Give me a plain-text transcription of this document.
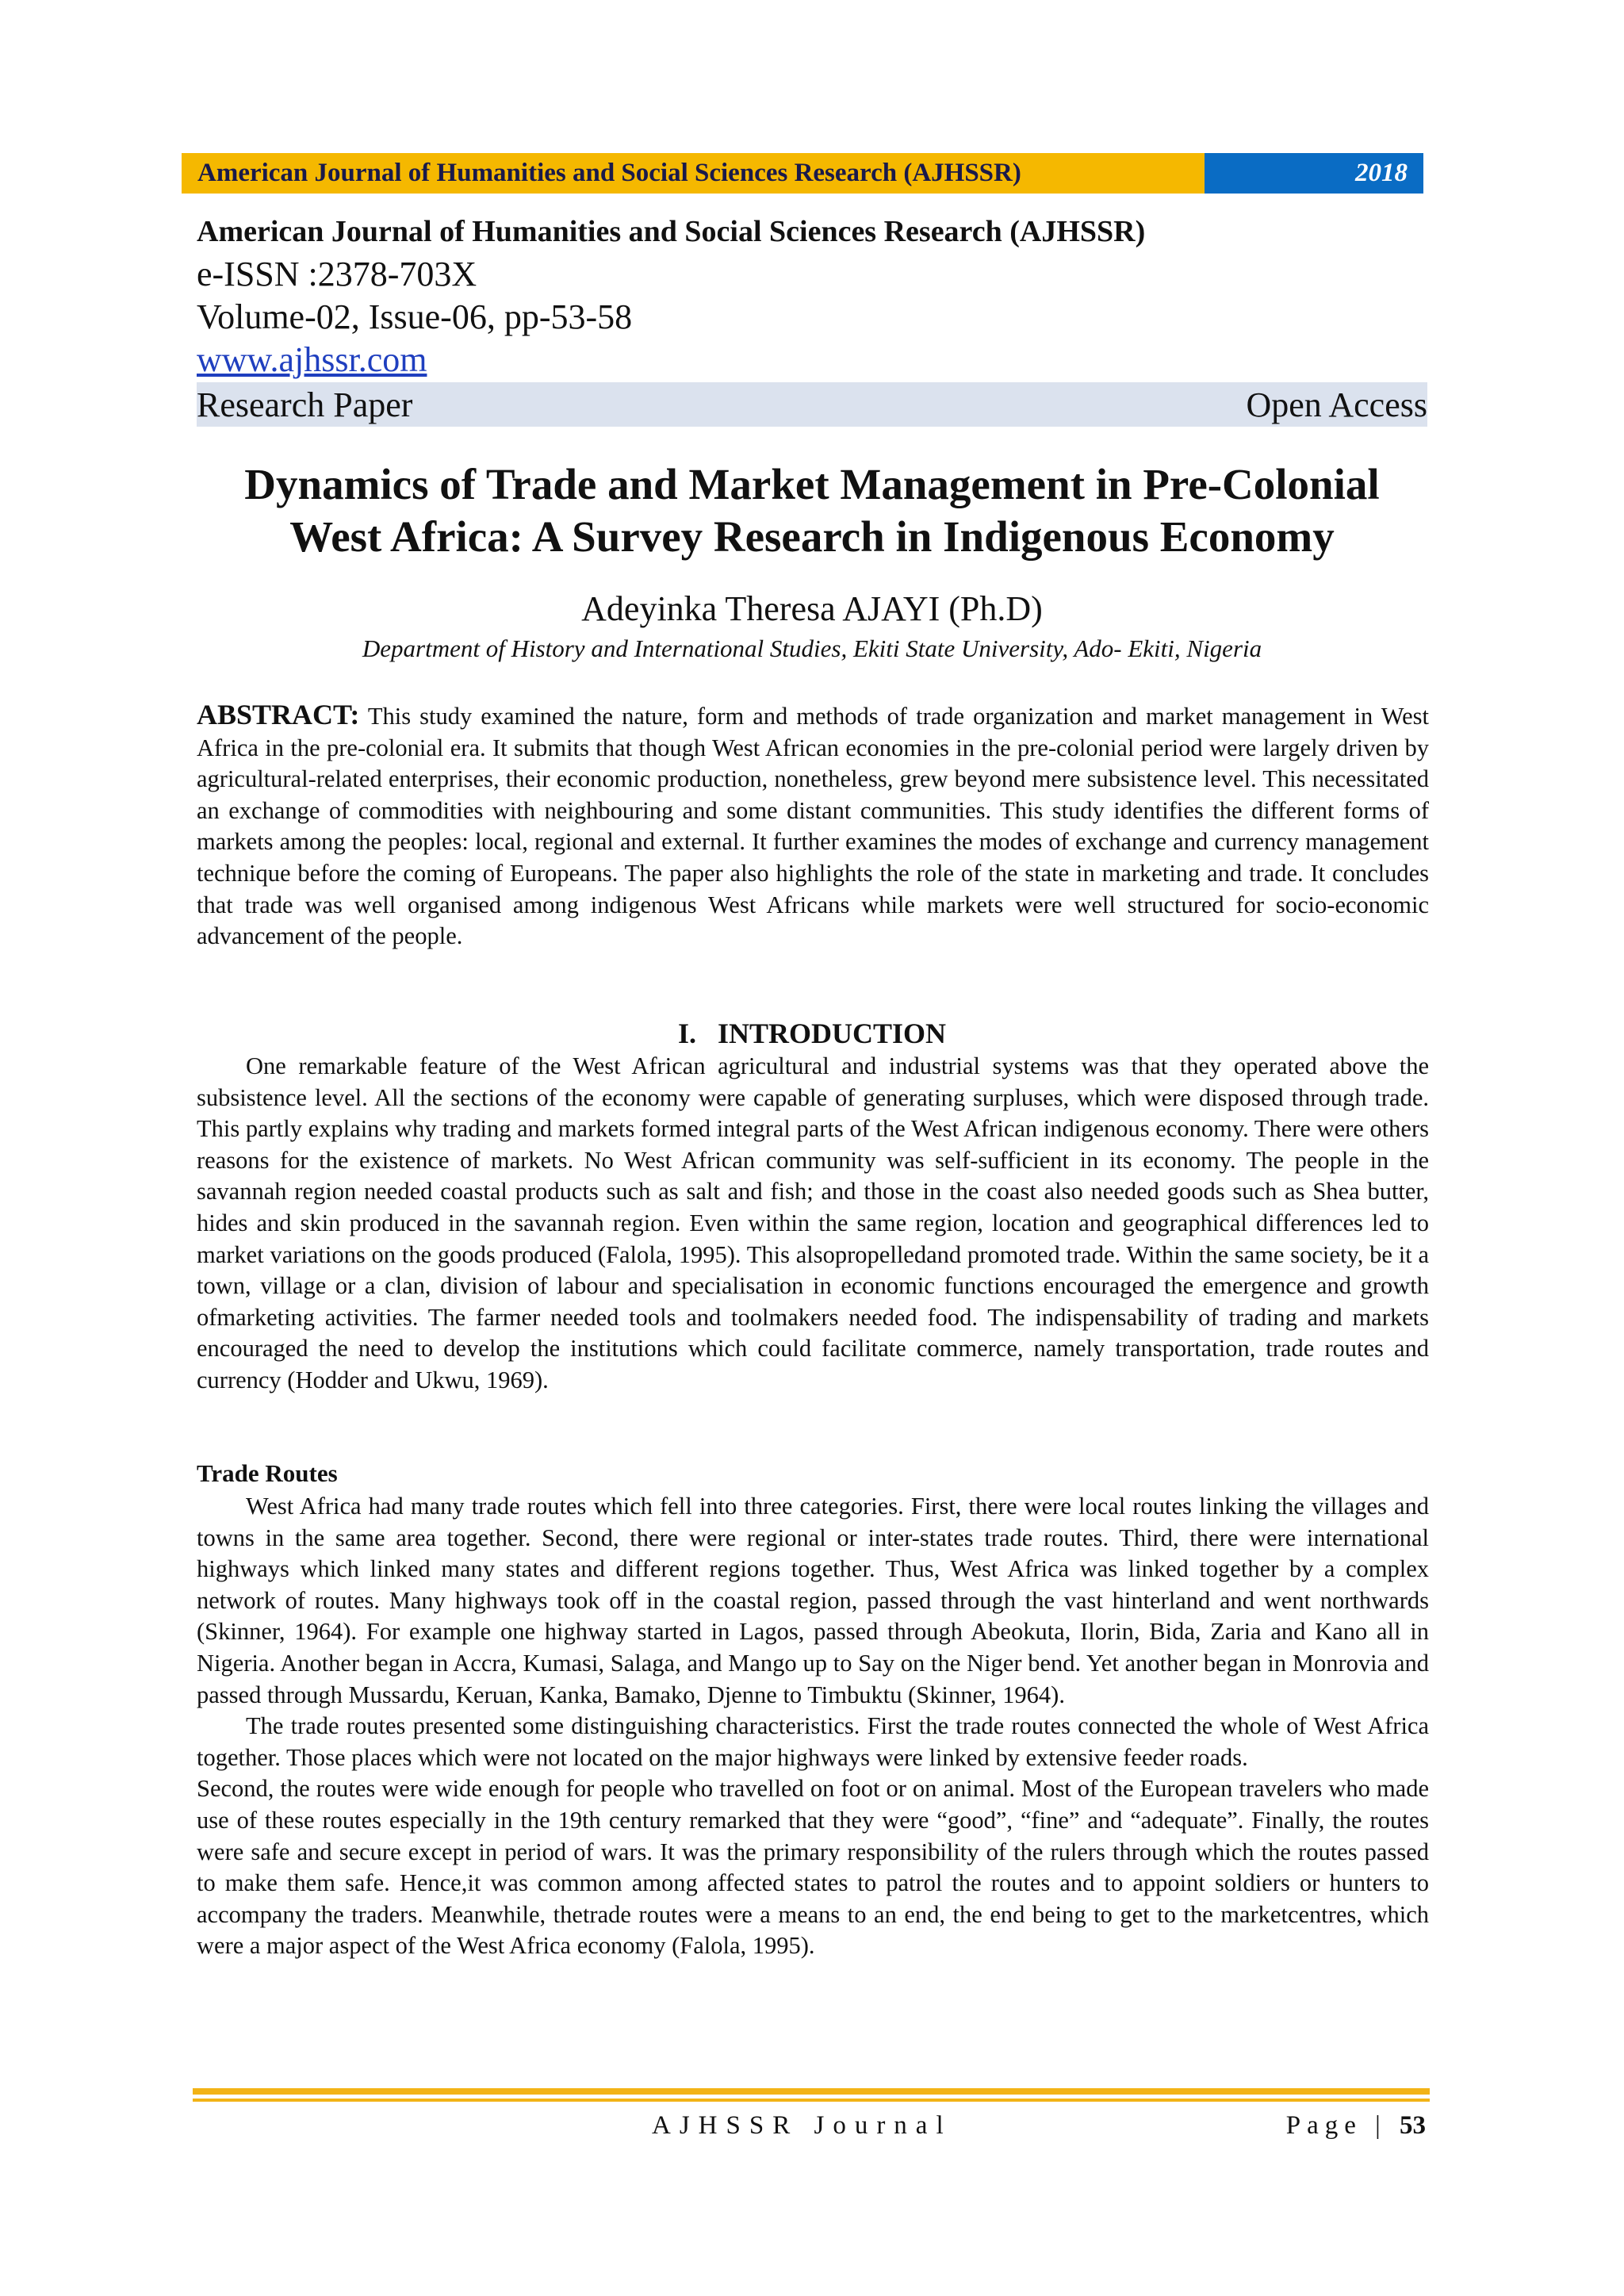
American Journal of Humanities and Social Sciences Research (AJHSSR)	2018
American Journal of Humanities and Social Sciences Research (AJHSSR)
e-ISSN :2378-703X
Volume-02, Issue-06, pp-53-58
www.ajhssr.com
Research Paper	Open Access
Dynamics of Trade and Market Management in Pre-Colonial
West Africa: A Survey Research in Indigenous Economy
Adeyinka Theresa AJAYI (Ph.D)
Department of History and International Studies, Ekiti State University, Ado- Ekiti, Nigeria
ABSTRACT: This study examined the nature, form and methods of trade organization and market management in West Africa in the pre-colonial era. It submits that though West African economies in the pre-colonial period were largely driven by agricultural-related enterprises, their economic production, nonetheless, grew beyond mere subsistence level. This necessitated an exchange of commodities with neighbouring and some distant communities. This study identifies the different forms of markets among the peoples: local, regional and external. It further examines the modes of exchange and currency management technique before the coming of Europeans. The paper also highlights the role of the state in marketing and trade. It concludes that trade was well organised among indigenous West Africans while markets were well structured for socio-economic advancement of the people.
I.   INTRODUCTION

One remarkable feature of the West African agricultural and industrial systems was that they operated above the subsistence level. All the sections of the economy were capable of generating surpluses, which were disposed through trade. This partly explains why trading and markets formed integral parts of the West African indigenous economy. There were others reasons for the existence of markets. No West African community was self-sufficient in its economy. The people in the savannah region needed coastal products such as salt and fish; and those in the coast also needed goods such as Shea butter, hides and skin produced in the savannah region. Even within the same region, location and geographical differences led to market variations on the goods produced (Falola, 1995). This alsopropelledand promoted trade. Within the same society, be it a town, village or a clan, division of labour and specialisation in economic functions encouraged the emergence and growth ofmarketing activities. The farmer needed tools and toolmakers needed food. The indispensability of trading and markets encouraged the need to develop the institutions which could facilitate commerce, namely transportation, trade routes and currency (Hodder and Ukwu, 1969).

Trade Routes

West Africa had many trade routes which fell into three categories. First, there were local routes linking the villages and towns in the same area together. Second, there were regional or inter-states trade routes. Third, there were international highways which linked many states and different regions together. Thus, West Africa was linked together by a complex network of routes. Many highways took off in the coastal region, passed through the vast hinterland and went northwards (Skinner, 1964). For example one highway started in Lagos, passed through Abeokuta, Ilorin, Bida, Zaria and Kano all in Nigeria. Another began in Accra, Kumasi, Salaga, and Mango up to Say on the Niger bend. Yet another began in Monrovia and passed through Mussardu, Keruan, Kanka, Bamako, Djenne to Timbuktu (Skinner, 1964).

The trade routes presented some distinguishing characteristics. First the trade routes connected the whole of West Africa together. Those places which were not located on the major highways were linked by extensive feeder roads.

Second, the routes were wide enough for people who travelled on foot or on animal. Most of the European travelers who made use of these routes especially in the 19th century remarked that they were “good”, “fine” and “adequate”. Finally, the routes were safe and secure except in period of wars. It was the primary responsibility of the rulers through which the routes passed to make them safe. Hence,it was common among affected states to patrol the routes and to appoint soldiers or hunters to accompany the traders. Meanwhile, thetrade routes were a means to an end, the end being to get to the marketcentres, which were a major aspect of the West Africa economy (Falola, 1995).

AJHSSR Journal	Page | 53
